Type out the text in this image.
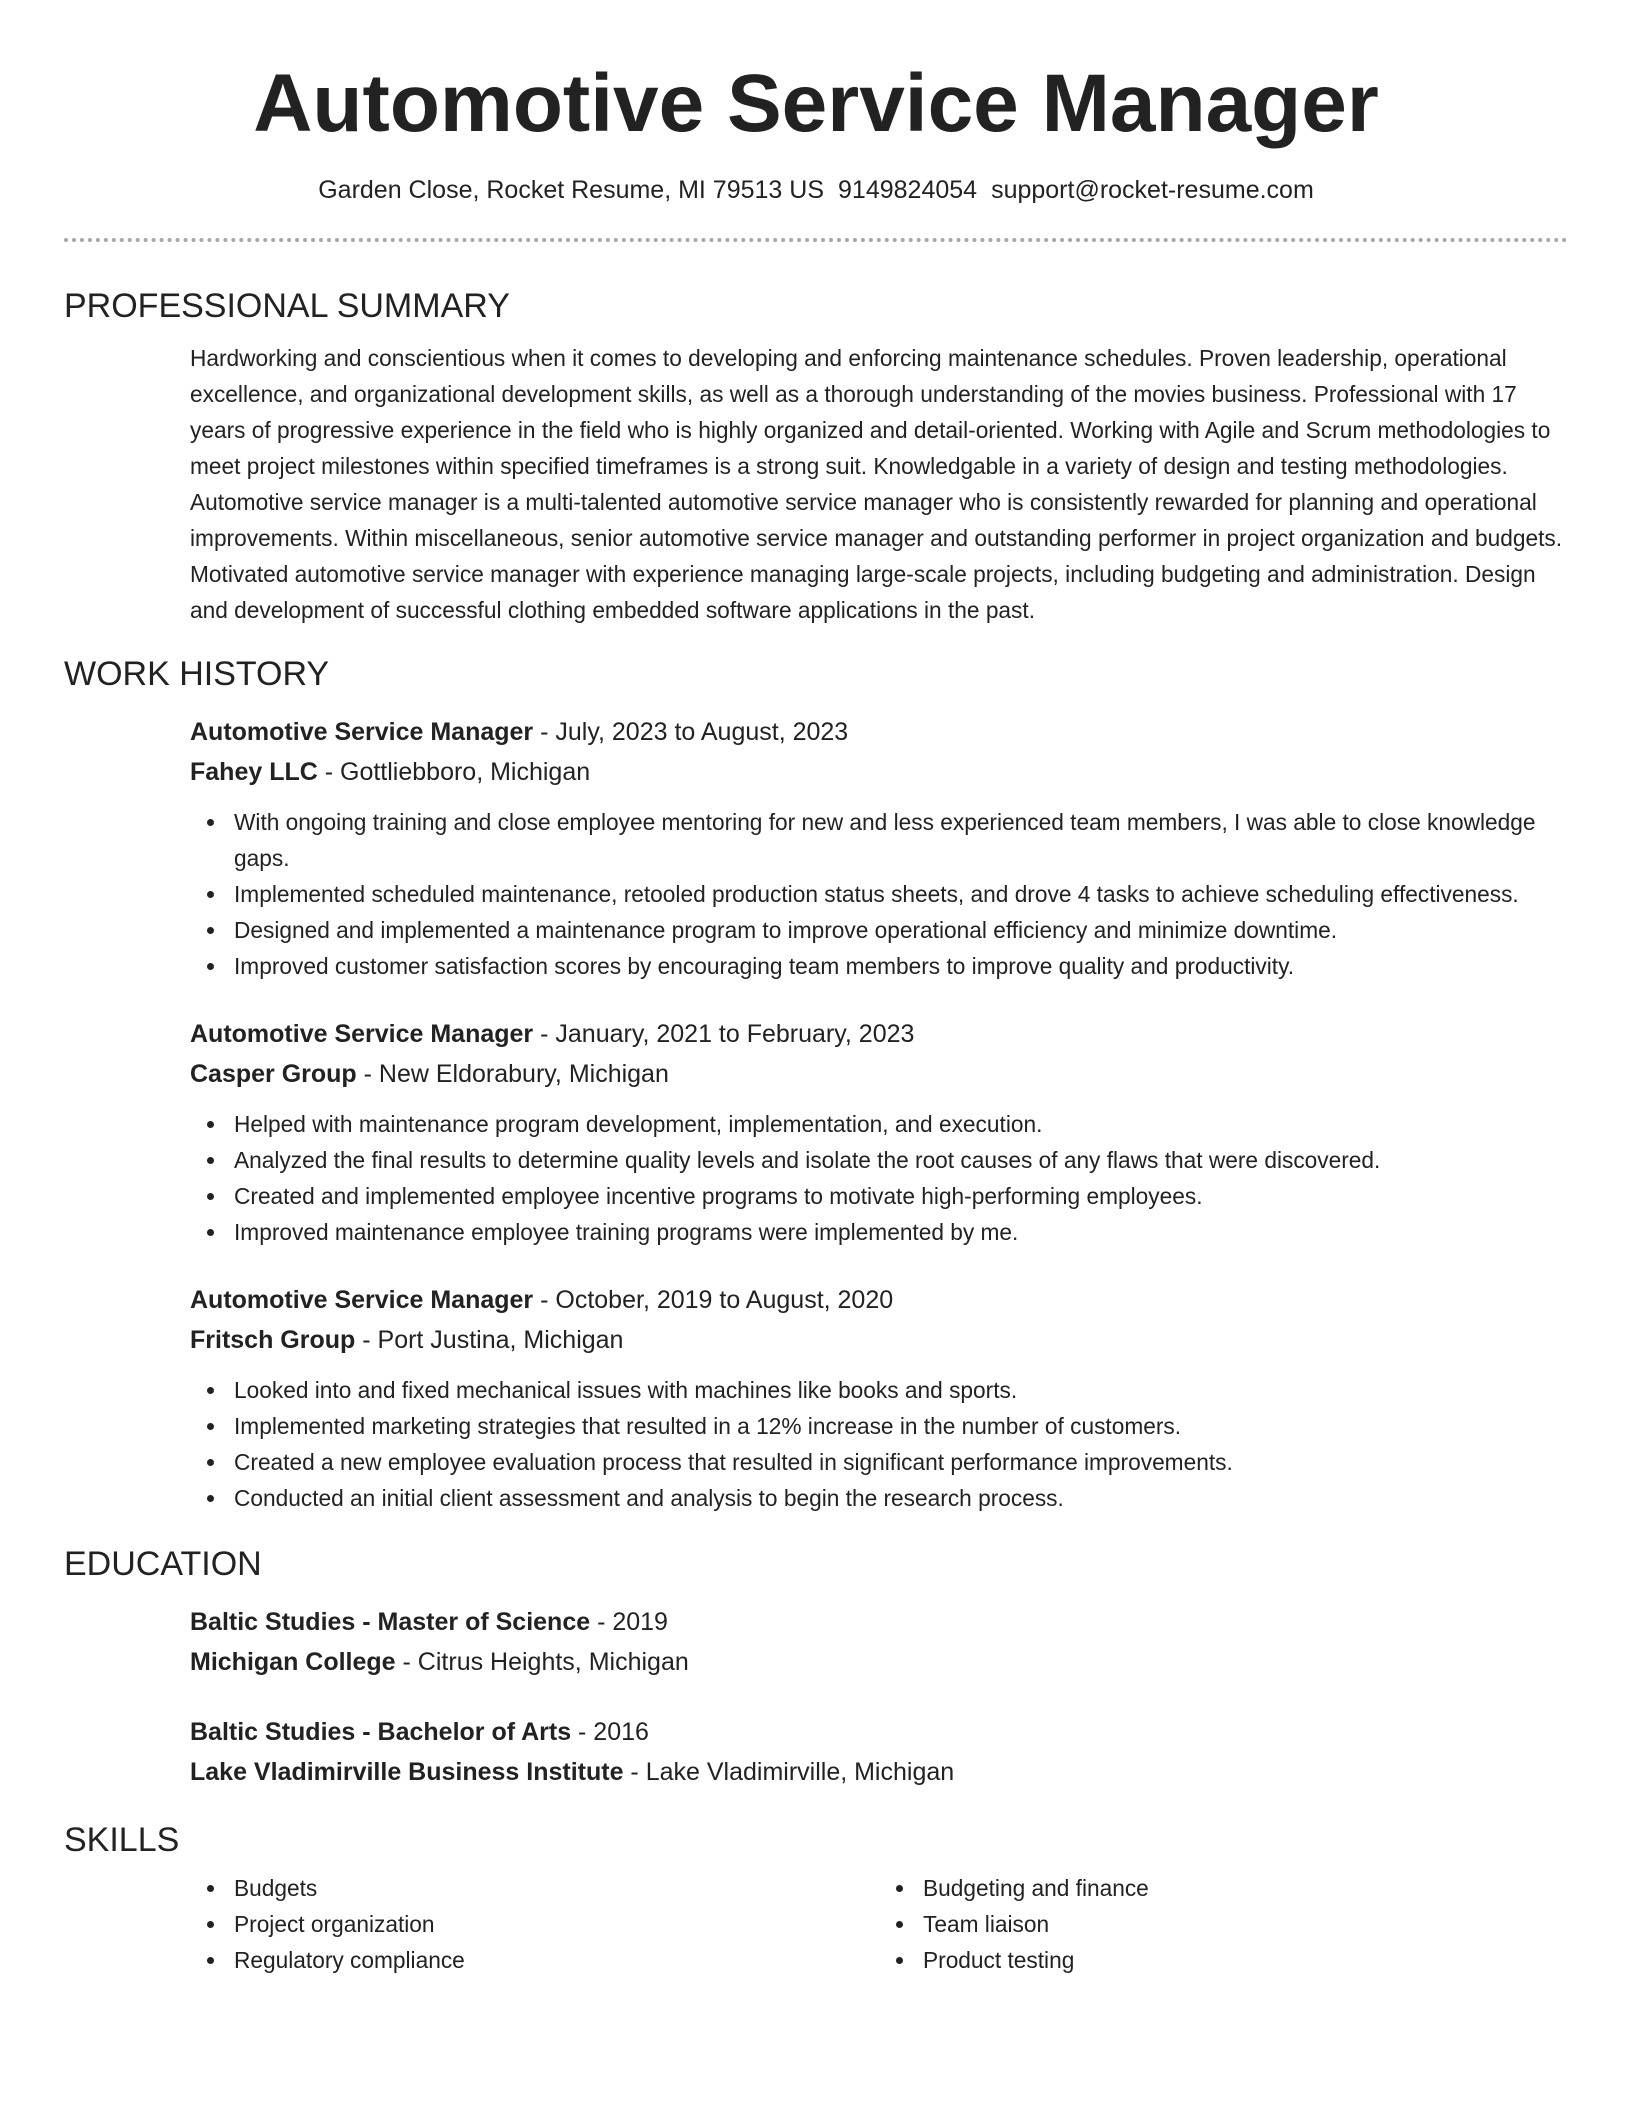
Automotive Service Manager
Garden Close, Rocket Resume, MI 79513 US 9149824054 support@rocket-resume.com
PROFESSIONAL SUMMARY

Hardworking and conscientious when it comes to developing and enforcing maintenance schedules. Proven leadership, operational excellence, and organizational development skills, as well as a thorough understanding of the movies business. Professional with 17 years of progressive experience in the field who is highly organized and detail-oriented. Working with Agile and Scrum methodologies to meet project milestones within specified timeframes is a strong suit. Knowledgable in a variety of design and testing methodologies. Automotive service manager is a multi-talented automotive service manager who is consistently rewarded for planning and operational improvements. Within miscellaneous, senior automotive service manager and outstanding performer in project organization and budgets. Motivated automotive service manager with experience managing large-scale projects, including budgeting and administration. Design and development of successful clothing embedded software applications in the past.

WORK HISTORY
Automotive Service Manager - July, 2023 to August, 2023
Fahey LLC - Gottliebboro, Michigan
With ongoing training and close employee mentoring for new and less experienced team members, I was able to close knowledge gaps.
Implemented scheduled maintenance, retooled production status sheets, and drove 4 tasks to achieve scheduling effectiveness.
Designed and implemented a maintenance program to improve operational efficiency and minimize downtime.
Improved customer satisfaction scores by encouraging team members to improve quality and productivity.
Automotive Service Manager - January, 2021 to February, 2023
Casper Group - New Eldorabury, Michigan
Helped with maintenance program development, implementation, and execution.
Analyzed the final results to determine quality levels and isolate the root causes of any flaws that were discovered.
Created and implemented employee incentive programs to motivate high-performing employees.
Improved maintenance employee training programs were implemented by me.
Automotive Service Manager - October, 2019 to August, 2020
Fritsch Group - Port Justina, Michigan
Looked into and fixed mechanical issues with machines like books and sports.
Implemented marketing strategies that resulted in a 12% increase in the number of customers.
Created a new employee evaluation process that resulted in significant performance improvements.
Conducted an initial client assessment and analysis to begin the research process.
EDUCATION
Baltic Studies - Master of Science - 2019
Michigan College - Citrus Heights, Michigan
Baltic Studies - Bachelor of Arts - 2016
Lake Vladimirville Business Institute - Lake Vladimirville, Michigan
SKILLS
Budgets
Project organization
Regulatory compliance
Budgeting and finance
Team liaison
Product testing
